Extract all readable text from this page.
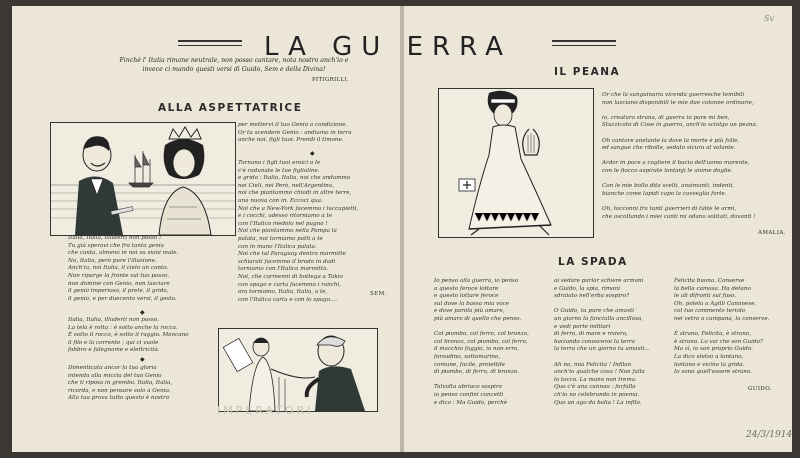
Finchè l' Italia rimane neutrale, non posso cantare, nota nostro anch'io e invece ci mando questi versi di Guido, Sem e della Divina!
PITIGRILLI.
ALLA ASPETTATRICE
per mettervi il tuo Genio a condizione.
Or tu scendere Genio : andiamo in terra
anche noi, figli tuoi. Prendi il timone.
◆
Tornano i figli tuoi eroici o le
c'è radunate le tue figlioline.
e grida : Italia, Italia, noi che andammo
nei Cieli, nei Però, nell'Argentina,
noi che piantammo chiodi in altre terre,
una nuova con in. Eccoci qua.
Noi che a New-York facemmo i luccapietti,
e i cocchi, adesso ritorniamo a te
con l'Italico medolo nel pugno !
Noi che piantammo nella Pampa la
palata, noi torniamo patti a te
con in mano l'Italica palata.
Noi che tal Paraguay dentro marmitte
schiarati facemmo il brodo in dadi
torniamo con l'Italica marmitta.
Noi, che carmenni di bottega a Tokio
con spago e carta facemmo i ranchi,
ora torniamo, Italia, Italia, a te,
con l'Italica carta e con lo spago....
SEM.
Italia, Italia, illuderti non posso !
Tu già speravi che fra tanta genia
che canta, almeno in noi su siani male.
No, Italia, però pure l'illusione.
Anch'io, noi Italia, il cielo un canto.
Non riparge la fronte sul tuo passo,
non domine con Genio, non lasciare
il genio imperioso, il prete, il grido,
il genio, e per duecento versi, il gesto.
◆
Italia, Italia, illuderti non posso.
La tela è rotta : è sotto anche la rocca.
È sotto il rocco, è sotto il raggio. Mancano
il filo e la corrente ; qui ci vuole
fabbro e falegname e elettricità.
◆
Dimenticata ancor la tua gloria
intenda alla miccia del tuo Genio
che ti riposa in grembo. Italia, Italia,
ricorda, e non pensare solo a Genio.
Alla tua prova tutto questo è nostro
IMPERATORI
IL PEANA
Or che la sanguinaria vicenda guerresche temibili
non lasciano disponibili le mie due colonne ordinarie,

io, creatura strana, di guerra io pure mi ben,
Stuzzicato di Cose in guerra, anch'io sciolgo un peana.

Oh cantore anelante la dove la morte è più folle,
ed sangue che ribolle, sedato sicura al volante.

Ardor in pace a cogliere il bacio dell'uomo morente,
con le fiocco aspirate lontanji le anime doglie.

Con le mie bollo dita scelti, ansimanti, indenti,
bianche come lapidi capo la cavveglia forte.

Oh, tocconni fra tanti guerrieri di tutte le armi,
che ascoltando i miei canti mi odano solitati, davanti !
AMALIA.
LA SPADA
Io penso alla guerra, io penso
a questo feroce lottare
e questo lottare feroce
sul dove la bassa mia voce
e dove parola più amare,
più amaro di quello che penso.

Col piombo, col ferro, col bronzo,
col bronzo, col piombo, col ferro,
il macchio foggio, io non erro,
forsadino, sottomarino,
comune, facile, proiettile
di piombo, di ferro, di bronzo.

Talvolta ubriaco sospiro
io penso confini concetti
e dico : Ma Guido, perchè
ai sedare parlar schiere armani
e Guido, la spia, rimani
sdraiato nell'erba sospiro?

O Guido, tu pure che amasti
un giorno la fanciulla ancillosa,
e vedi porte militari
di ferro, di mare e riviera,
baciando conoscerai la terra
la terra che un giorno tu amasti...

Ah no, mia Felicita ! Infilan
anch'io qualche cosa ! Non falla
lo tocco. La mano non trema.
Quo c'è una cannao : farfalla
ch'io no celebrando in poema.
Quo un ago da balia ! La infilo.
Felicita buona. Conserve
la bella camosa. Ha detano
le ali difronti sul fuso.
Oh, potela a Agilli Canonese,
col tuo commento teriolo
nel vetro a campana, la conserve.

È strano, Felicita, è strano,
è strano. Lo vai che son Guido?
Ma sì, io son proprio Guido.
La dico stetso a lontano,
lontano e vicino la grida.
Io sono quell'essere strano.
GUIDO.
LA GU ERRA
24/3/1914
Sv
